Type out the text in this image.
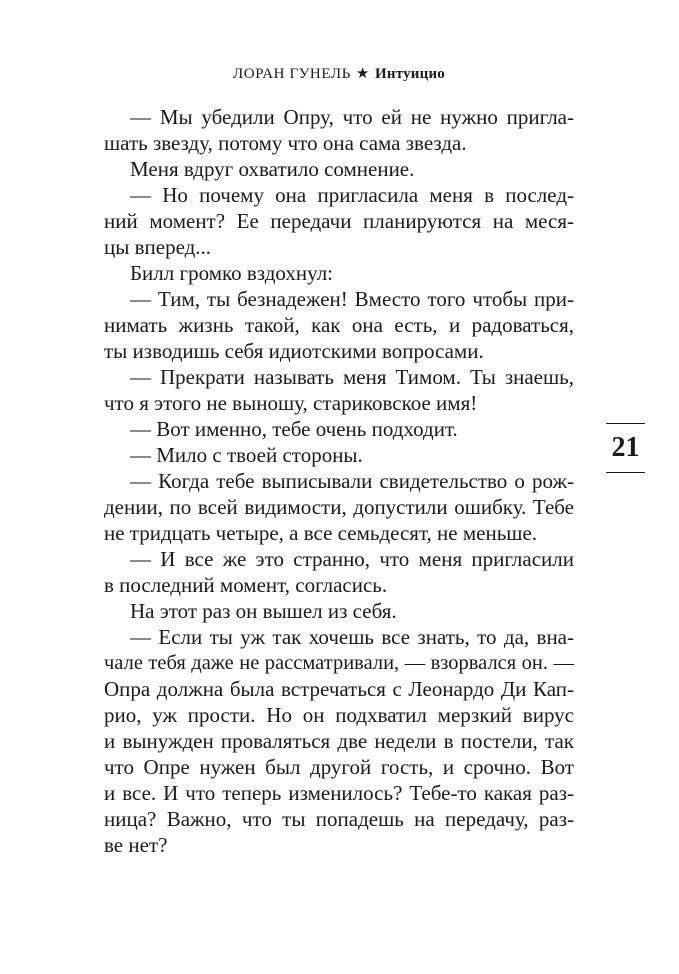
ЛОРАН ГУНЕЛЬ ★ Интуицио
— Мы убедили Опру, что ей не нужно пригла-
шать звезду, потому что она сама звезда.
Меня вдруг охватило сомнение.
— Но почему она пригласила меня в послед-
ний момент? Ее передачи планируются на меся-
цы вперед...
Билл громко вздохнул:
— Тим, ты безнадежен! Вместо того чтобы при-
нимать жизнь такой, как она есть, и радоваться,
ты изводишь себя идиотскими вопросами.
— Прекрати называть меня Тимом. Ты знаешь,
что я этого не выношу, стариковское имя!
— Вот именно, тебе очень подходит.
— Мило с твоей стороны.
— Когда тебе выписывали свидетельство о рож-
дении, по всей видимости, допустили ошибку. Тебе
не тридцать четыре, а все семьдесят, не меньше.
— И все же это странно, что меня пригласили
в последний момент, согласись.
На этот раз он вышел из себя.
— Если ты уж так хочешь все знать, то да, вна-
чале тебя даже не рассматривали, — взорвался он. —
Опра должна была встречаться с Леонардо Ди Кап-
рио, уж прости. Но он подхватил мерзкий вирус
и вынужден проваляться две недели в постели, так
что Опре нужен был другой гость, и срочно. Вот
и все. И что теперь изменилось? Тебе-то какая раз-
ница? Важно, что ты попадешь на передачу, раз-
ве нет?
21
